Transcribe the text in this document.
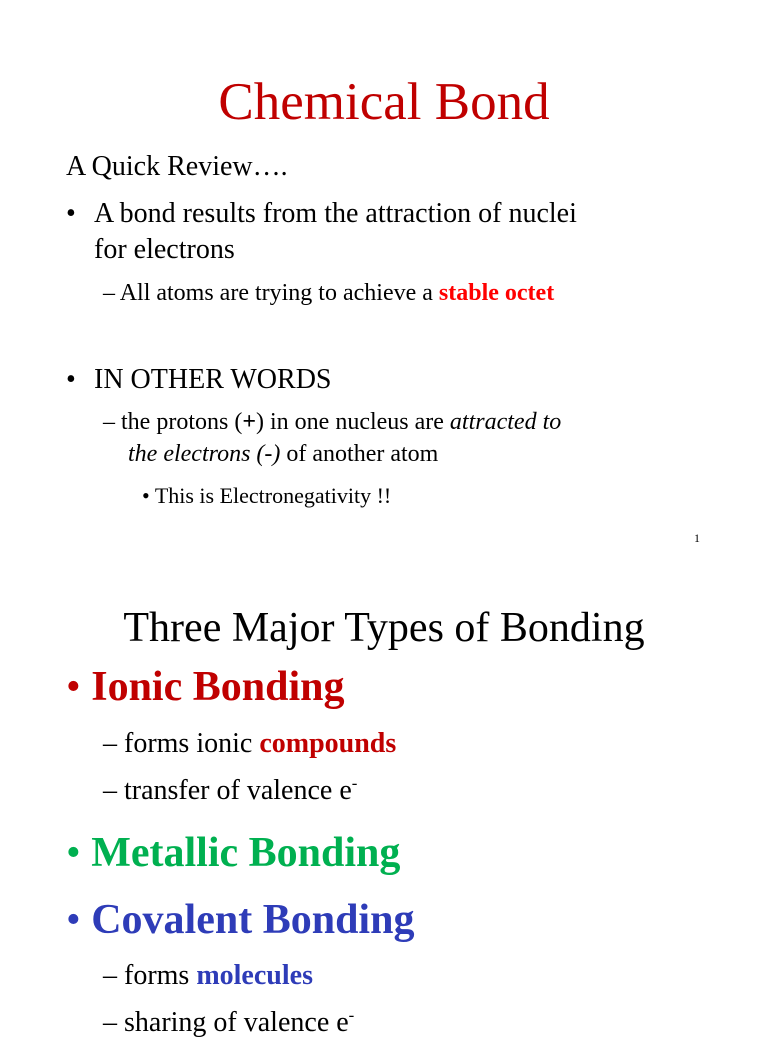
Chemical Bond
A Quick Review….
• A bond results from the attraction of nuclei
for electrons
– All atoms are trying to achieve a stable octet
• IN OTHER WORDS
– the protons (+) in one nucleus are attracted to
the electrons (-) of another atom
• This is Electronegativity !!
1
Three Major Types of Bonding
• Ionic Bonding
– forms ionic compounds
– transfer of valence e-
• Metallic Bonding
• Covalent Bonding
– forms molecules
– sharing of valence e-
